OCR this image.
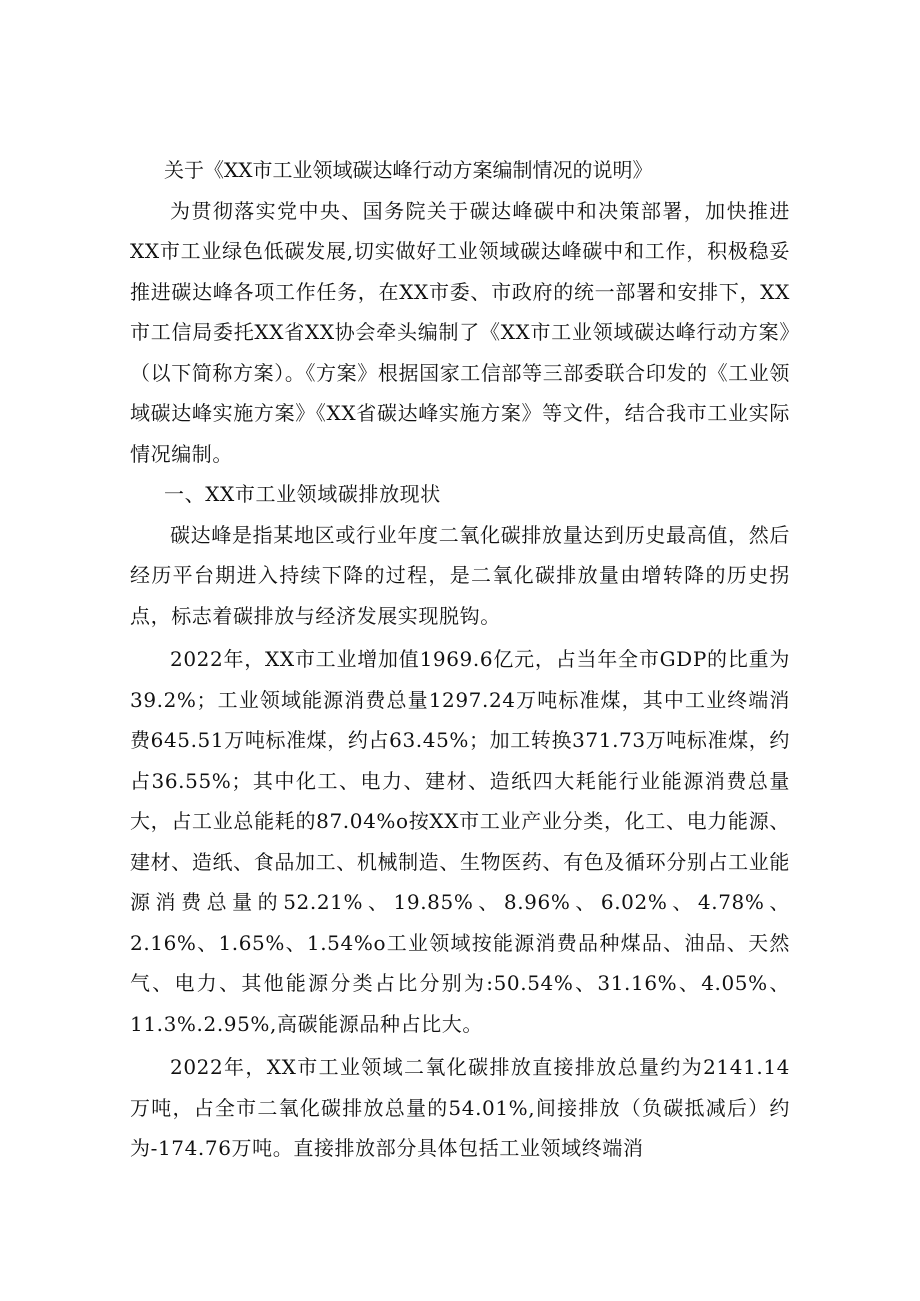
关于《XX市工业领域碳达峰行动方案编制情况的说明》

为贯彻落实党中央、国务院关于碳达峰碳中和决策部署，加快推进XX市工业绿色低碳发展,切实做好工业领域碳达峰碳中和工作，积极稳妥推进碳达峰各项工作任务，在XX市委、市政府的统一部署和安排下，XX市工信局委托XX省XX协会牵头编制了《XX市工业领域碳达峰行动方案》（以下简称方案）。《方案》根据国家工信部等三部委联合印发的《工业领域碳达峰实施方案》《XX省碳达峰实施方案》等文件，结合我市工业实际情况编制。

一、XX市工业领域碳排放现状

碳达峰是指某地区或行业年度二氧化碳排放量达到历史最高值，然后经历平台期进入持续下降的过程，是二氧化碳排放量由增转降的历史拐点，标志着碳排放与经济发展实现脱钩。

2022年，XX市工业增加值1969.6亿元，占当年全市GDP的比重为39.2%；工业领域能源消费总量1297.24万吨标准煤，其中工业终端消费645.51万吨标准煤，约占63.45%；加工转换371.73万吨标准煤，约占36.55%；其中化工、电力、建材、造纸四大耗能行业能源消费总量大，占工业总能耗的87.04%o按XX市工业产业分类，化工、电力能源、建材、造纸、食品加工、机械制造、生物医药、有色及循环分别占工业能源消费总量的52.21%、19.85%、8.96%、6.02%、4.78%、2.16%、1.65%、1.54%o工业领域按能源消费品种煤品、油品、天然气、电力、其他能源分类占比分别为:50.54%、31.16%、4.05%、11.3%.2.95%,高碳能源品种占比大。

2022年，XX市工业领域二氧化碳排放直接排放总量约为2141.14万吨，占全市二氧化碳排放总量的54.01%,间接排放（负碳抵减后）约为-174.76万吨。直接排放部分具体包括工业领域终端消
